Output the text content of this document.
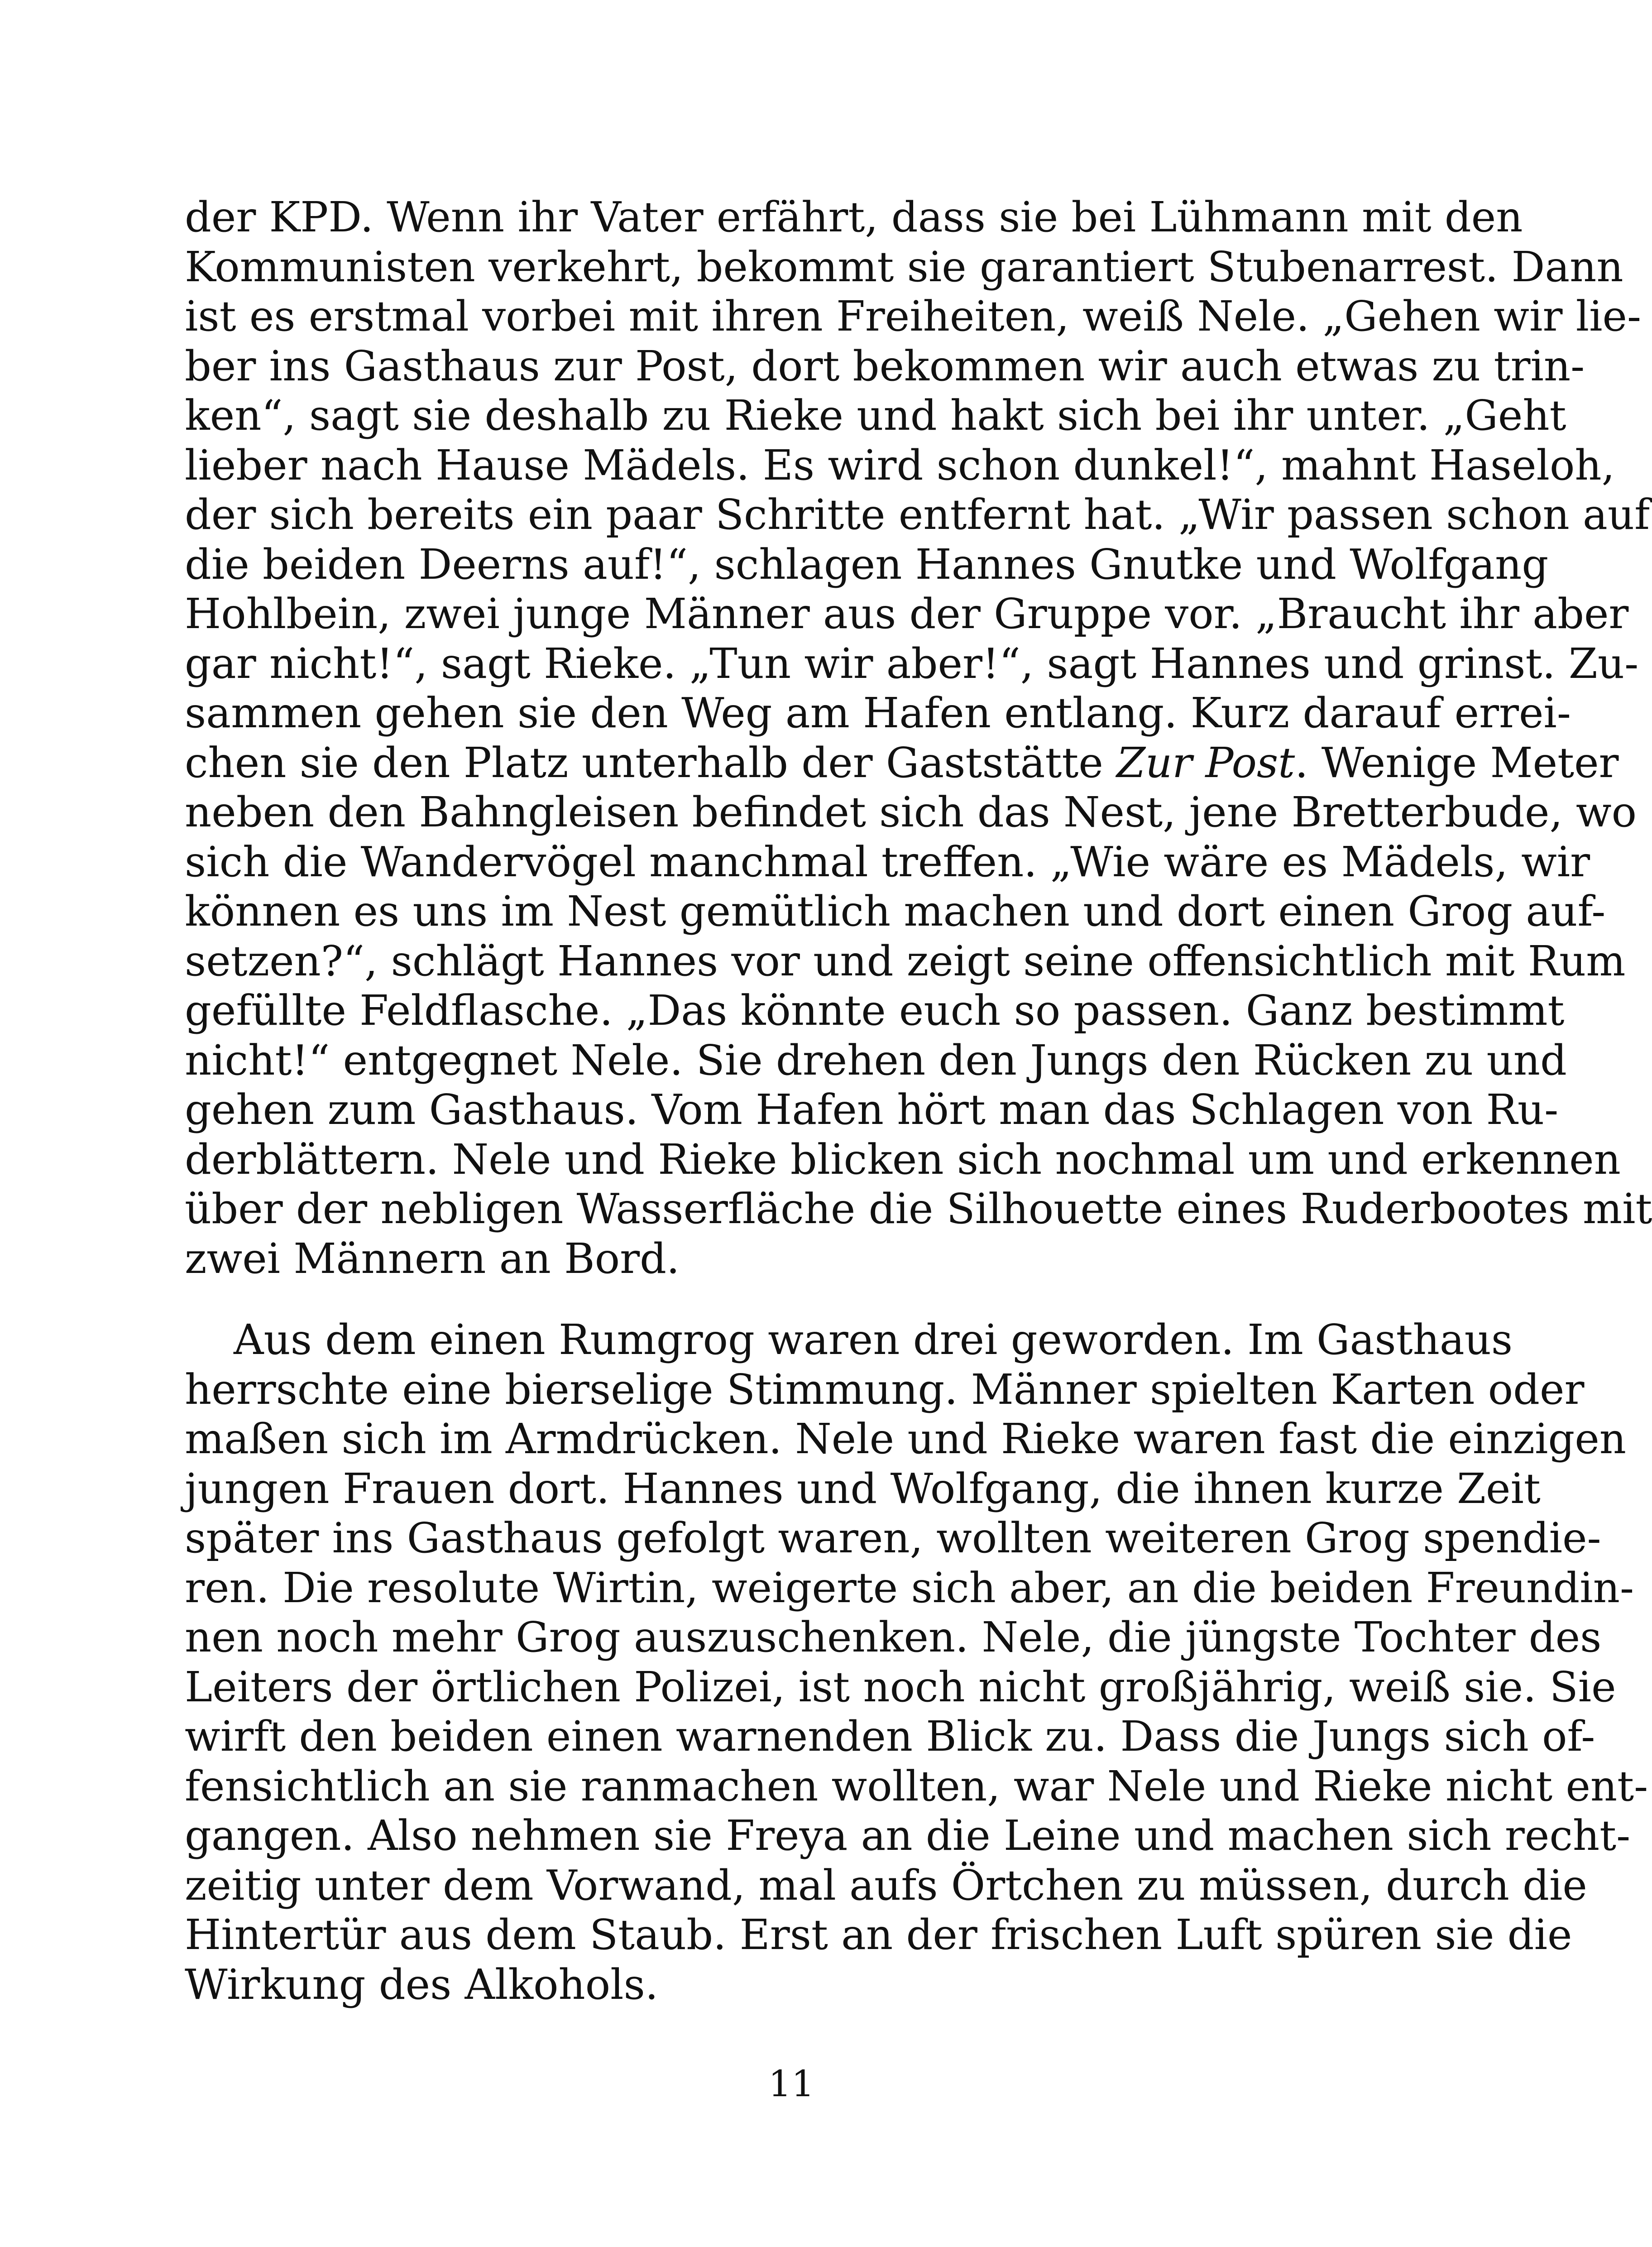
der KPD. Wenn ihr Vater erfährt, dass sie bei Lühmann mit den
Kommunisten verkehrt, bekommt sie garantiert Stubenarrest. Dann
ist es erstmal vorbei mit ihren Freiheiten, weiß Nele. „Gehen wir lie-
ber ins Gasthaus zur Post, dort bekommen wir auch etwas zu trin-
ken“, sagt sie deshalb zu Rieke und hakt sich bei ihr unter. „Geht
lieber nach Hause Mädels. Es wird schon dunkel!“, mahnt Haseloh,
der sich bereits ein paar Schritte entfernt hat. „Wir passen schon auf
die beiden Deerns auf!“, schlagen Hannes Gnutke und Wolfgang
Hohlbein, zwei junge Männer aus der Gruppe vor. „Braucht ihr aber
gar nicht!“, sagt Rieke. „Tun wir aber!“, sagt Hannes und grinst. Zu-
sammen gehen sie den Weg am Hafen entlang. Kurz darauf errei-
chen sie den Platz unterhalb der Gaststätte Zur Post. Wenige Meter
neben den Bahngleisen befindet sich das Nest, jene Bretterbude, wo
sich die Wandervögel manchmal treffen. „Wie wäre es Mädels, wir
können es uns im Nest gemütlich machen und dort einen Grog auf-
setzen?“, schlägt Hannes vor und zeigt seine offensichtlich mit Rum
gefüllte Feldflasche. „Das könnte euch so passen. Ganz bestimmt
nicht!“ entgegnet Nele. Sie drehen den Jungs den Rücken zu und
gehen zum Gasthaus. Vom Hafen hört man das Schlagen von Ru-
derblättern. Nele und Rieke blicken sich nochmal um und erkennen
über der nebligen Wasserfläche die Silhouette eines Ruderbootes mit
zwei Männern an Bord.
Aus dem einen Rumgrog waren drei geworden. Im Gasthaus
herrschte eine bierselige Stimmung. Männer spielten Karten oder
maßen sich im Armdrücken. Nele und Rieke waren fast die einzigen
jungen Frauen dort. Hannes und Wolfgang, die ihnen kurze Zeit
später ins Gasthaus gefolgt waren, wollten weiteren Grog spendie-
ren. Die resolute Wirtin, weigerte sich aber, an die beiden Freundin-
nen noch mehr Grog auszuschenken. Nele, die jüngste Tochter des
Leiters der örtlichen Polizei, ist noch nicht großjährig, weiß sie. Sie
wirft den beiden einen warnenden Blick zu. Dass die Jungs sich of-
fensichtlich an sie ranmachen wollten, war Nele und Rieke nicht ent-
gangen. Also nehmen sie Freya an die Leine und machen sich recht-
zeitig unter dem Vorwand, mal aufs Örtchen zu müssen, durch die
Hintertür aus dem Staub. Erst an der frischen Luft spüren sie die
Wirkung des Alkohols.
11
